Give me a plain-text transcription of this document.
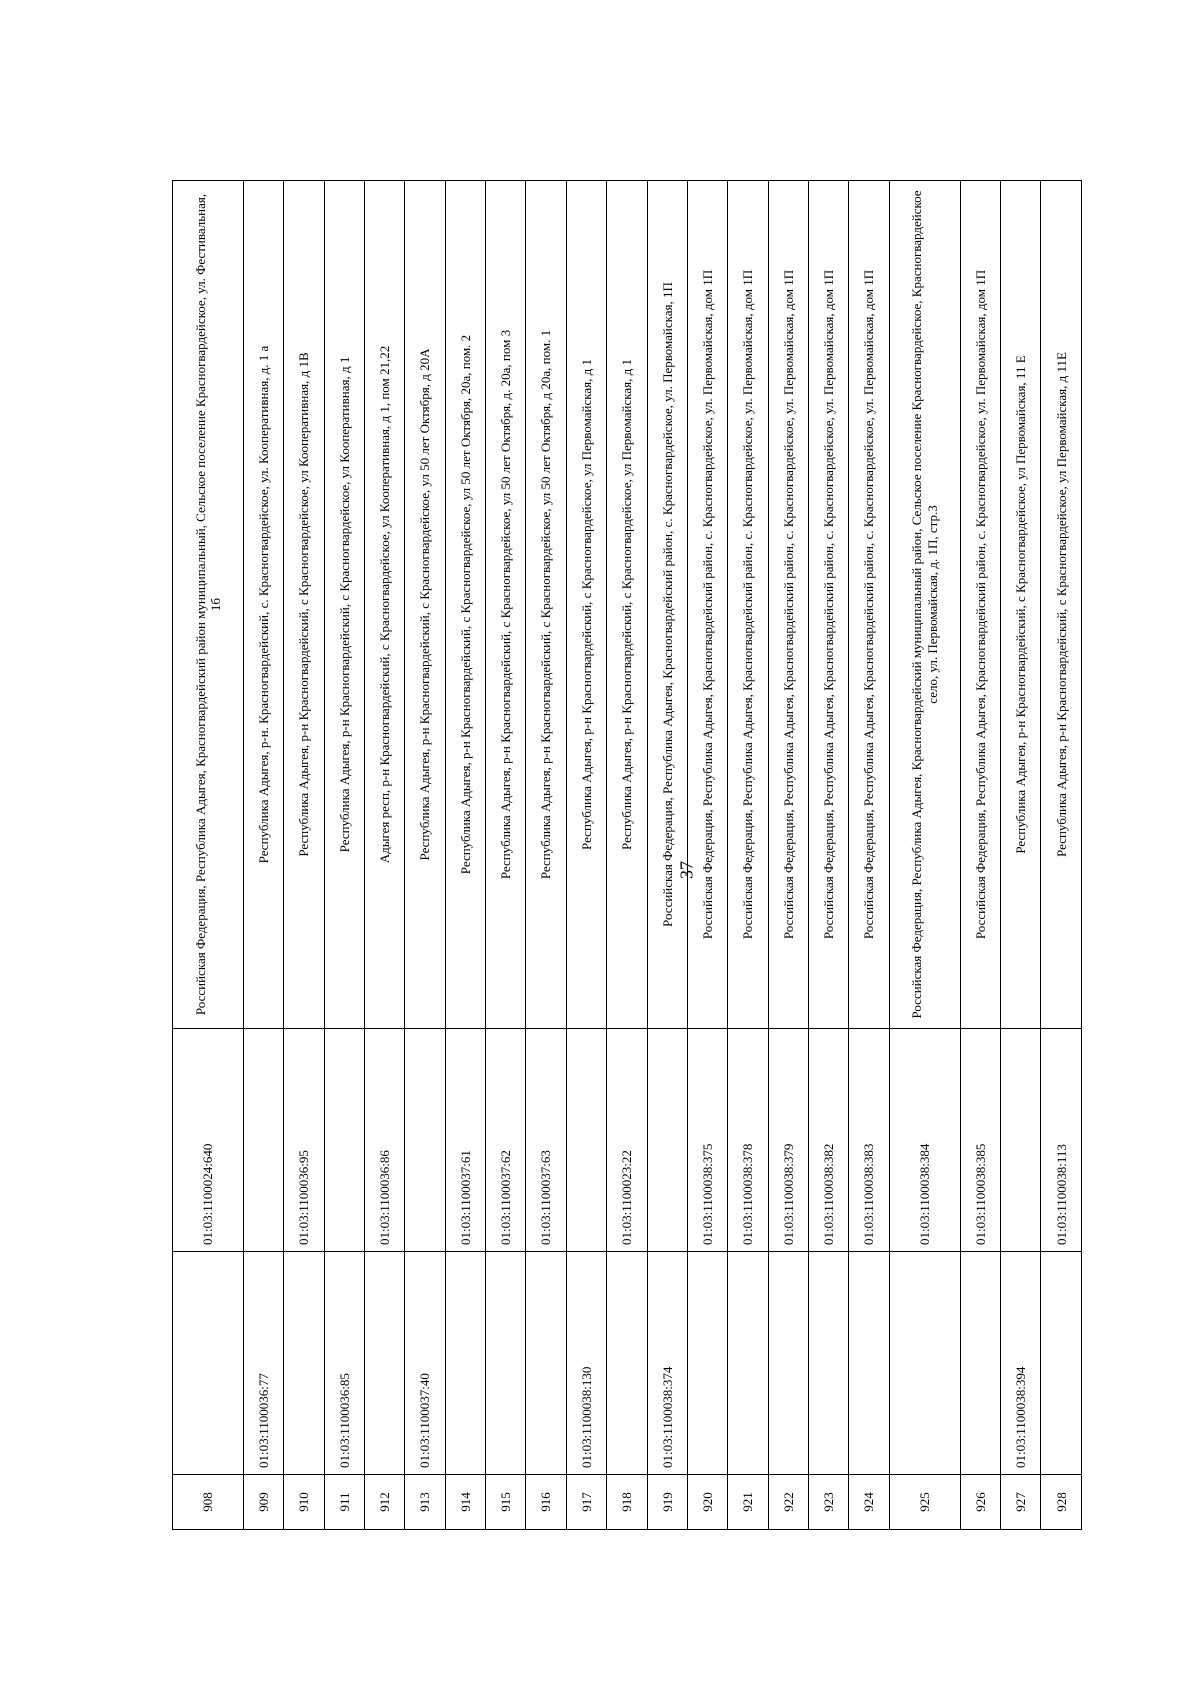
37
908		01:03:1100024:640	Российская Федерация, Республика Адыгея, Красногвардейский район муниципальный, Сельское поселение Красногвардейское, ул. Фестивальная, 1б
909	01:03:1100036:77		Республика Адыгея, р-н. Красногвардейский, с. Красногвардейское, ул. Кооперативная, д. 1 а
910		01:03:1100036:95	Республика Адыгея, р-н Красногвардейский, с Красногвардейское, ул Кооперативная, д 1В
911	01:03:1100036:85		Республика Адыгея, р-н Красногвардейский, с Красногвардейское, ул Кооперативная, д 1
912		01:03:1100036:86	Адыгея респ, р-н Красногвардейский, с Красногвардейское, ул Кооперативная, д 1, пом 21,22
913	01:03:1100037:40		Республика Адыгея, р-н Красногвардейский, с Красногвардейское, ул 50 лет Октября, д 20А
914		01:03:1100037:61	Республика Адыгея, р-н Красногвардейский, с Красногвардейское, ул 50 лет Октября, 20а, пом. 2
915		01:03:1100037:62	Республика Адыгея, р-н Красногвардейский, с Красногвардейское, ул 50 лет Октября, д. 20а, пом 3
916		01:03:1100037:63	Республика Адыгея, р-н Красногвардейский, с Красногвардейское, ул 50 лет Октября, д 20а, пом. 1
917	01:03:1100038:130		Республика Адыгея, р-н Красногвардейский, с Красногвардейское, ул Первомайская, д 1
918		01:03:1100023:22	Республика Адыгея, р-н Красногвардейский, с Красногвардейское, ул Первомайская, д 1
919	01:03:1100038:374		Российская Федерация, Республика Адыгея, Красногвардейский район, с. Красногвардейское, ул. Первомайская, 1П
920		01:03:1100038:375	Российская Федерация, Республика Адыгея, Красногвардейский район, с. Красногвардейское, ул. Первомайская, дом 1П
921		01:03:1100038:378	Российская Федерация, Республика Адыгея, Красногвардейский район, с. Красногвардейское, ул. Первомайская, дом 1П
922		01:03:1100038:379	Российская Федерация, Республика Адыгея, Красногвардейский район, с. Красногвардейское, ул. Первомайская, дом 1П
923		01:03:1100038:382	Российская Федерация, Республика Адыгея, Красногвардейский район, с. Красногвардейское, ул. Первомайская, дом 1П
924		01:03:1100038:383	Российская Федерация, Республика Адыгея, Красногвардейский район, с. Красногвардейское, ул. Первомайская, дом 1П
925		01:03:1100038:384	Российская Федерация, Республика Адыгея, Красногвардейский муниципальный район, Сельское поселение Красногвардейское, Красногвардейское село, ул. Первомайская, д. 1П, стр.3
926		01:03:1100038:385	Российская Федерация, Республика Адыгея, Красногвардейский район, с. Красногвардейское, ул. Первомайская, дом 1П
927	01:03:1100038:394		Республика Адыгея, р-н Красногвардейский, с Красногвардейское, ул Первомайская, 11 Е
928		01:03:1100038:113	Республика Адыгея, р-н Красногвардейский, с Красногвардейское, ул Первомайская, д 11Е
